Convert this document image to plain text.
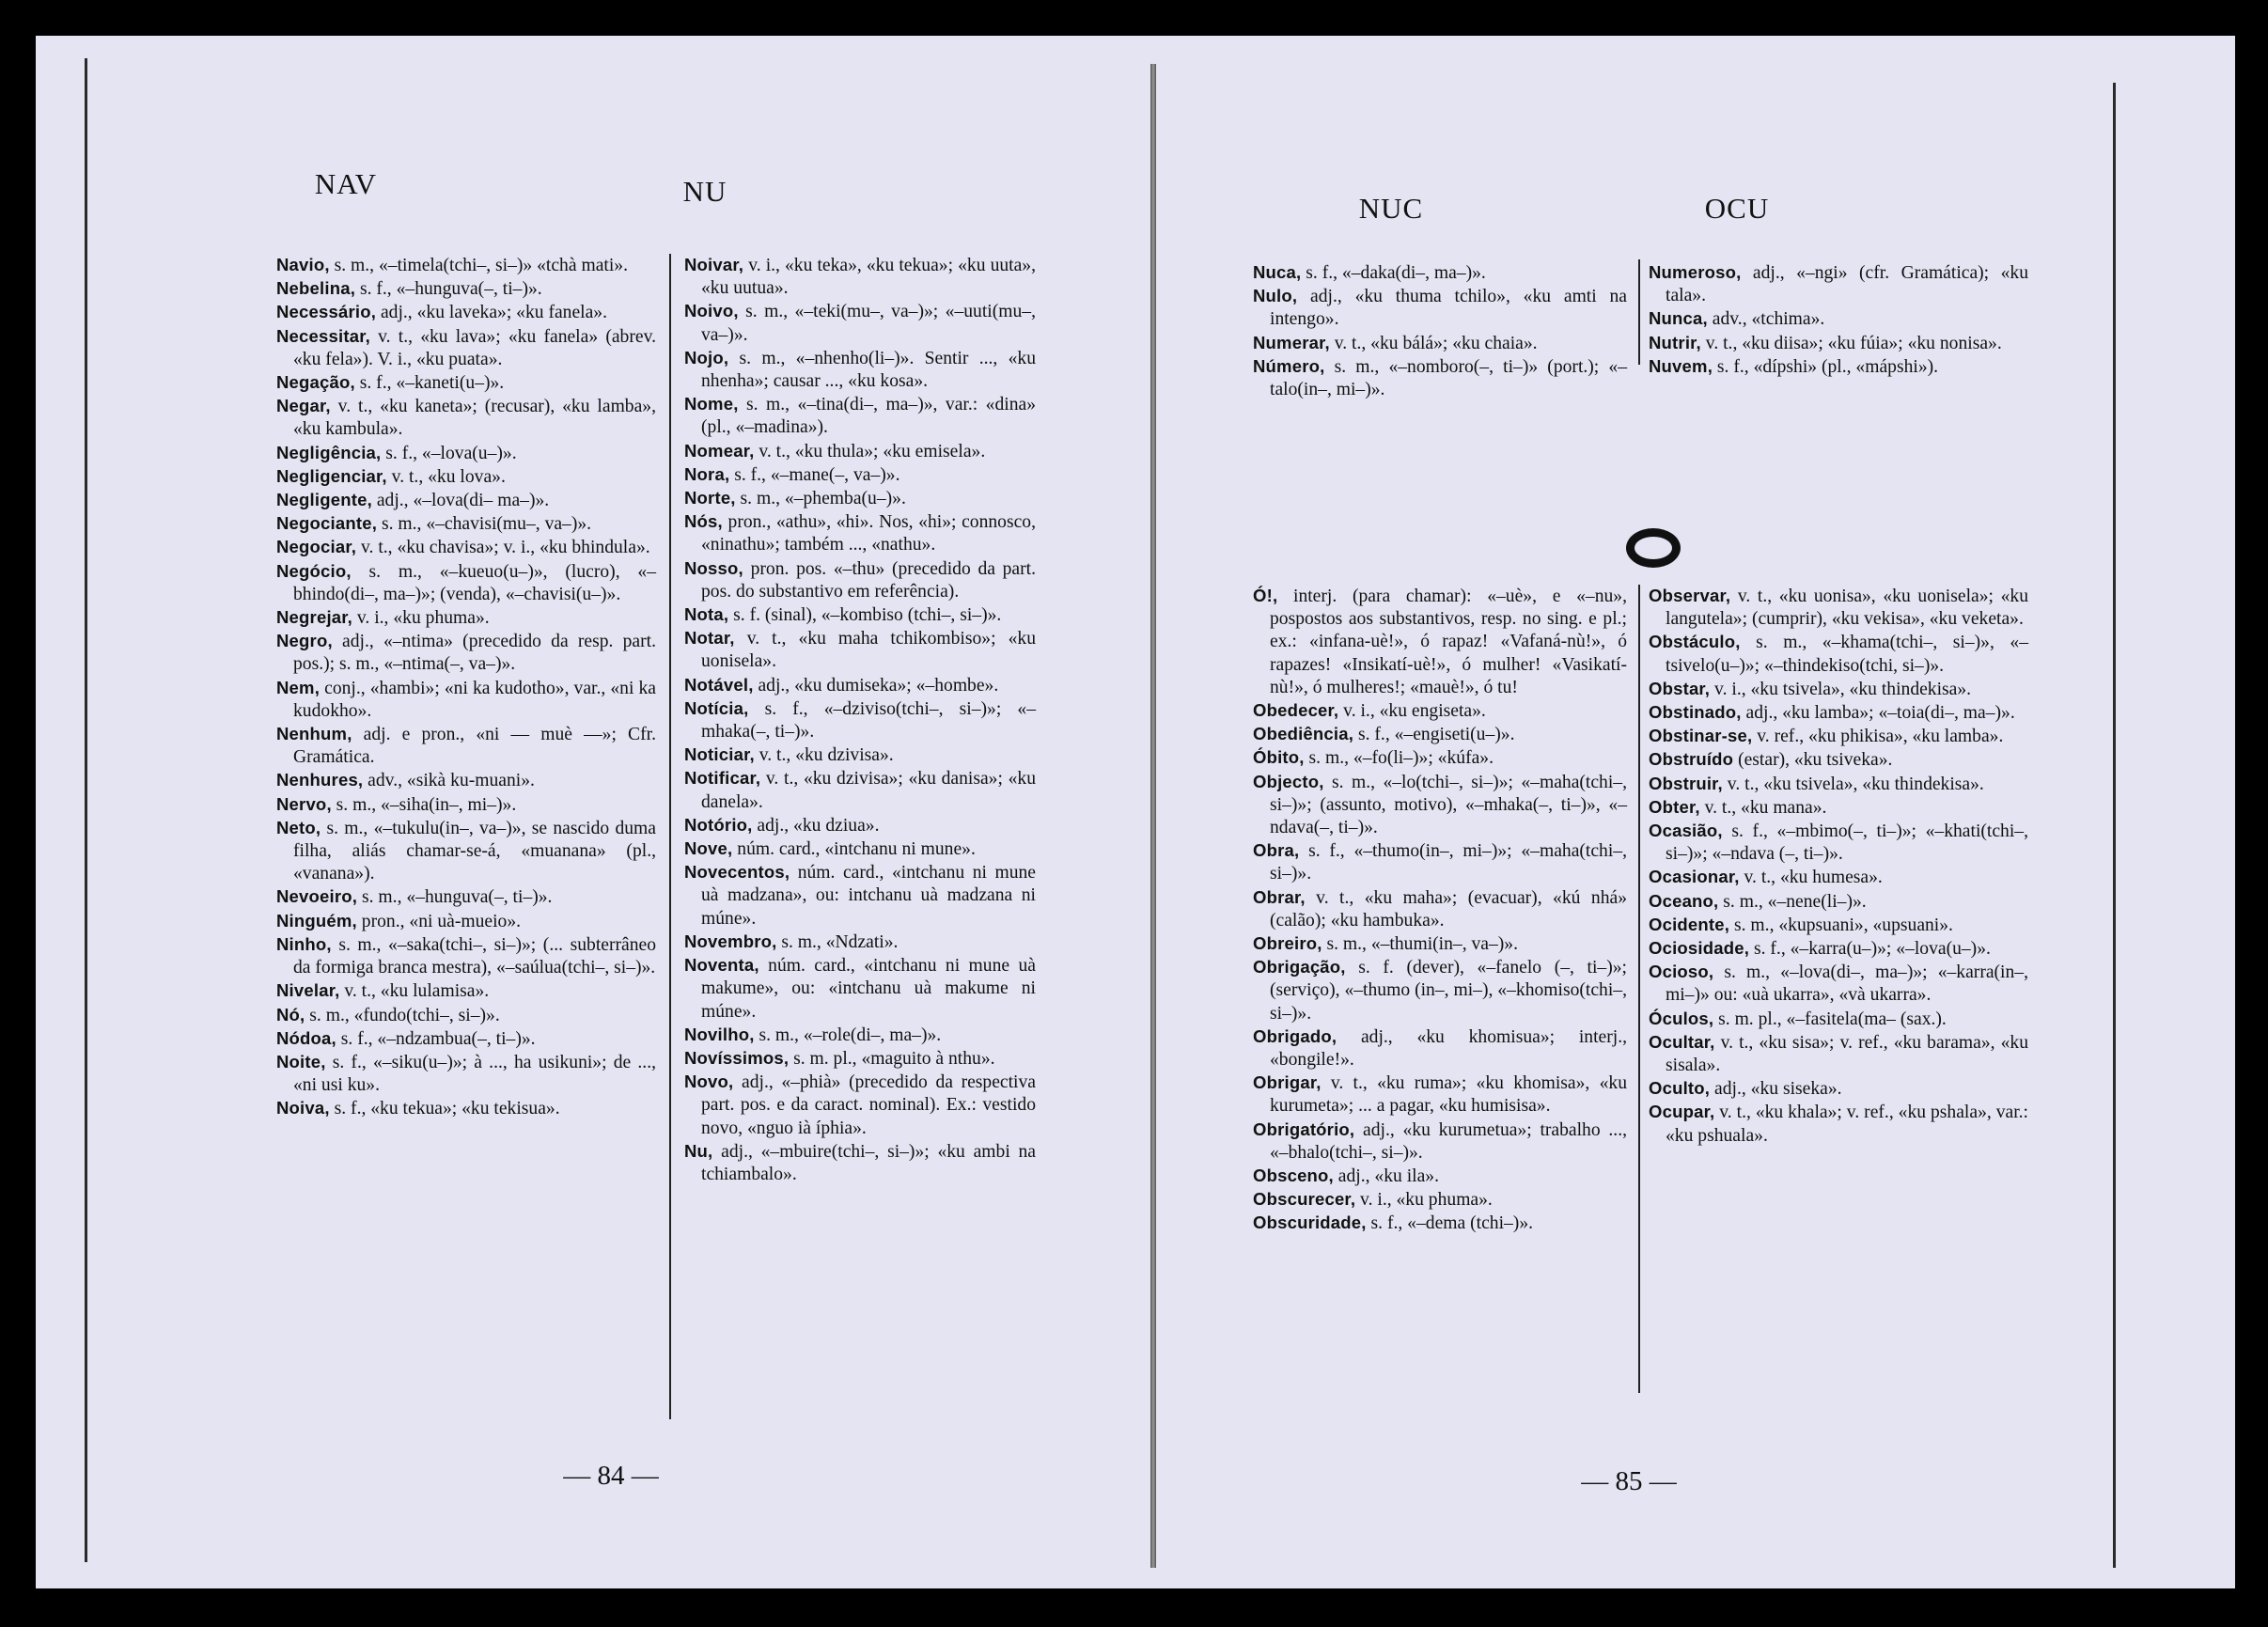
NAV	NU

Navio, s. m., «–timela(tchi–, si–)» «tchà mati».

Nebelina, s. f., «–hunguva(–, ti–)».

Necessário, adj., «ku laveka»; «ku fanela».

Necessitar, v. t., «ku lava»; «ku fanela» (abrev. «ku fela»). V. i., «ku puata».

Negação, s. f., «–kaneti(u–)».

Negar, v. t., «ku kaneta»; (recusar), «ku lamba», «ku kambula».

Negligência, s. f., «–lova(u–)».

Negligenciar, v. t., «ku lova».

Negligente, adj., «–lova(di– ma–)».

Negociante, s. m., «–chavisi(mu–, va–)».

Negociar, v. t., «ku chavisa»; v. i., «ku bhindula».

Negócio, s. m., «–kueuo(u–)», (lucro), «–bhindo(di–, ma–)»; (venda), «–chavisi(u–)».

Negrejar, v. i., «ku phuma».

Negro, adj., «–ntima» (precedido da resp. part. pos.); s. m., «–ntima(–, va–)».

Nem, conj., «hambi»; «ni ka kudotho», var., «ni ka kudokho».

Nenhum, adj. e pron., «ni — muè —»; Cfr. Gramática.

Nenhures, adv., «sikà ku-muani».

Nervo, s. m., «–siha(in–, mi–)».

Neto, s. m., «–tukulu(in–, va–)», se nascido duma filha, aliás chamar-se-á, «muanana» (pl., «vanana»).

Nevoeiro, s. m., «–hunguva(–, ti–)».

Ninguém, pron., «ni uà-mueio».

Ninho, s. m., «–saka(tchi–, si–)»; (... subterrâneo da formiga branca mestra), «–saúlua(tchi–, si–)».

Nivelar, v. t., «ku lulamisa».

Nó, s. m., «fundo(tchi–, si–)».

Nódoa, s. f., «–ndzambua(–, ti–)».

Noite, s. f., «–siku(u–)»; à ..., ha usikuni»; de ..., «ni usi ku».

Noiva, s. f., «ku tekua»; «ku tekisua».

Noivar, v. i., «ku teka», «ku tekua»; «ku uuta», «ku uutua».

Noivo, s. m., «–teki(mu–, va–)»; «–uuti(mu–, va–)».

Nojo, s. m., «–nhenho(li–)». Sentir ..., «ku nhenha»; causar ..., «ku kosa».

Nome, s. m., «–tina(di–, ma–)», var.: «dina» (pl., «–madina»).

Nomear, v. t., «ku thula»; «ku emisela».

Nora, s. f., «–mane(–, va–)».

Norte, s. m., «–phemba(u–)».

Nós, pron., «athu», «hi». Nos, «hi»; connosco, «ninathu»; também ..., «nathu».

Nosso, pron. pos. «–thu» (precedido da part. pos. do substantivo em referência).

Nota, s. f. (sinal), «–kombiso (tchi–, si–)».

Notar, v. t., «ku maha tchikombiso»; «ku uonisela».

Notável, adj., «ku dumiseka»; «–hombe».

Notícia, s. f., «–dziviso(tchi–, si–)»; «–mhaka(–, ti–)».

Noticiar, v. t., «ku dzivisa».

Notificar, v. t., «ku dzivisa»; «ku danisa»; «ku danela».

Notório, adj., «ku dziua».

Nove, núm. card., «intchanu ni mune».

Novecentos, núm. card., «intchanu ni mune uà madzana», ou: intchanu uà madzana ni múne».

Novembro, s. m., «Ndzati».

Noventa, núm. card., «intchanu ni mune uà makume», ou: «intchanu uà makume ni múne».

Novilho, s. m., «–role(di–, ma–)».

Novíssimos, s. m. pl., «maguito à nthu».

Novo, adj., «–phià» (precedido da respectiva part. pos. e da caract. nominal). Ex.: vestido novo, «nguo ià íphia».

Nu, adj., «–mbuire(tchi–, si–)»; «ku ambi na tchiambalo».

— 84 —
NUC	OCU

Nuca, s. f., «–daka(di–, ma–)».

Nulo, adj., «ku thuma tchilo», «ku amti na intengo».

Numerar, v. t., «ku bálá»; «ku chaia».

Número, s. m., «–nomboro(–, ti–)» (port.); «–talo(in–, mi–)».

Numeroso, adj., «–ngi» (cfr. Gramática); «ku tala».

Nunca, adv., «tchima».

Nutrir, v. t., «ku diisa»; «ku fúia»; «ku nonisa».

Nuvem, s. f., «dípshi» (pl., «mápshi»).

Ó!, interj. (para chamar): «–uè», e «–nu», pospostos aos substantivos, resp. no sing. e pl.; ex.: «infana-uè!», ó rapaz! «Vafaná-nù!», ó rapazes! «Insikatí-uè!», ó mulher! «Vasikatí-nù!», ó mulheres!; «mauè!», ó tu!

Obedecer, v. i., «ku engiseta».

Obediência, s. f., «–engiseti(u–)».

Óbito, s. m., «–fo(li–)»; «kúfa».

Objecto, s. m., «–lo(tchi–, si–)»; «–maha(tchi–, si–)»; (assunto, motivo), «–mhaka(–, ti–)», «–ndava(–, ti–)».

Obra, s. f., «–thumo(in–, mi–)»; «–maha(tchi–, si–)».

Obrar, v. t., «ku maha»; (evacuar), «kú nhá» (calão); «ku hambuka».

Obreiro, s. m., «–thumi(in–, va–)».

Obrigação, s. f. (dever), «–fanelo (–, ti–)»; (serviço), «–thumo (in–, mi–), «–khomiso(tchi–, si–)».

Obrigado, adj., «ku khomisua»; interj., «bongile!».

Obrigar, v. t., «ku ruma»; «ku khomisa», «ku kurumeta»; ... a pagar, «ku humisisa».

Obrigatório, adj., «ku kurumetua»; trabalho ..., «–bhalo(tchi–, si–)».

Obsceno, adj., «ku ila».

Obscurecer, v. i., «ku phuma».

Obscuridade, s. f., «–dema (tchi–)».

Observar, v. t., «ku uonisa», «ku uonisela»; «ku langutela»; (cumprir), «ku vekisa», «ku veketa».

Obstáculo, s. m., «–khama(tchi–, si–)», «–tsivelo(u–)»; «–thindekiso(tchi, si–)».

Obstar, v. i., «ku tsivela», «ku thindekisa».

Obstinado, adj., «ku lamba»; «–toia(di–, ma–)».

Obstinar-se, v. ref., «ku phikisa», «ku lamba».

Obstruído (estar), «ku tsiveka».

Obstruir, v. t., «ku tsivela», «ku thindekisa».

Obter, v. t., «ku mana».

Ocasião, s. f., «–mbimo(–, ti–)»; «–khati(tchi–, si–)»; «–ndava (–, ti–)».

Ocasionar, v. t., «ku humesa».

Oceano, s. m., «–nene(li–)».

Ocidente, s. m., «kupsuani», «upsuani».

Ociosidade, s. f., «–karra(u–)»; «–lova(u–)».

Ocioso, s. m., «–lova(di–, ma–)»; «–karra(in–, mi–)» ou: «uà ukarra», «và ukarra».

Óculos, s. m. pl., «–fasitela(ma– (sax.).

Ocultar, v. t., «ku sisa»; v. ref., «ku barama», «ku sisala».

Oculto, adj., «ku siseka».

Ocupar, v. t., «ku khala»; v. ref., «ku pshala», var.: «ku pshuala».

— 85 —
